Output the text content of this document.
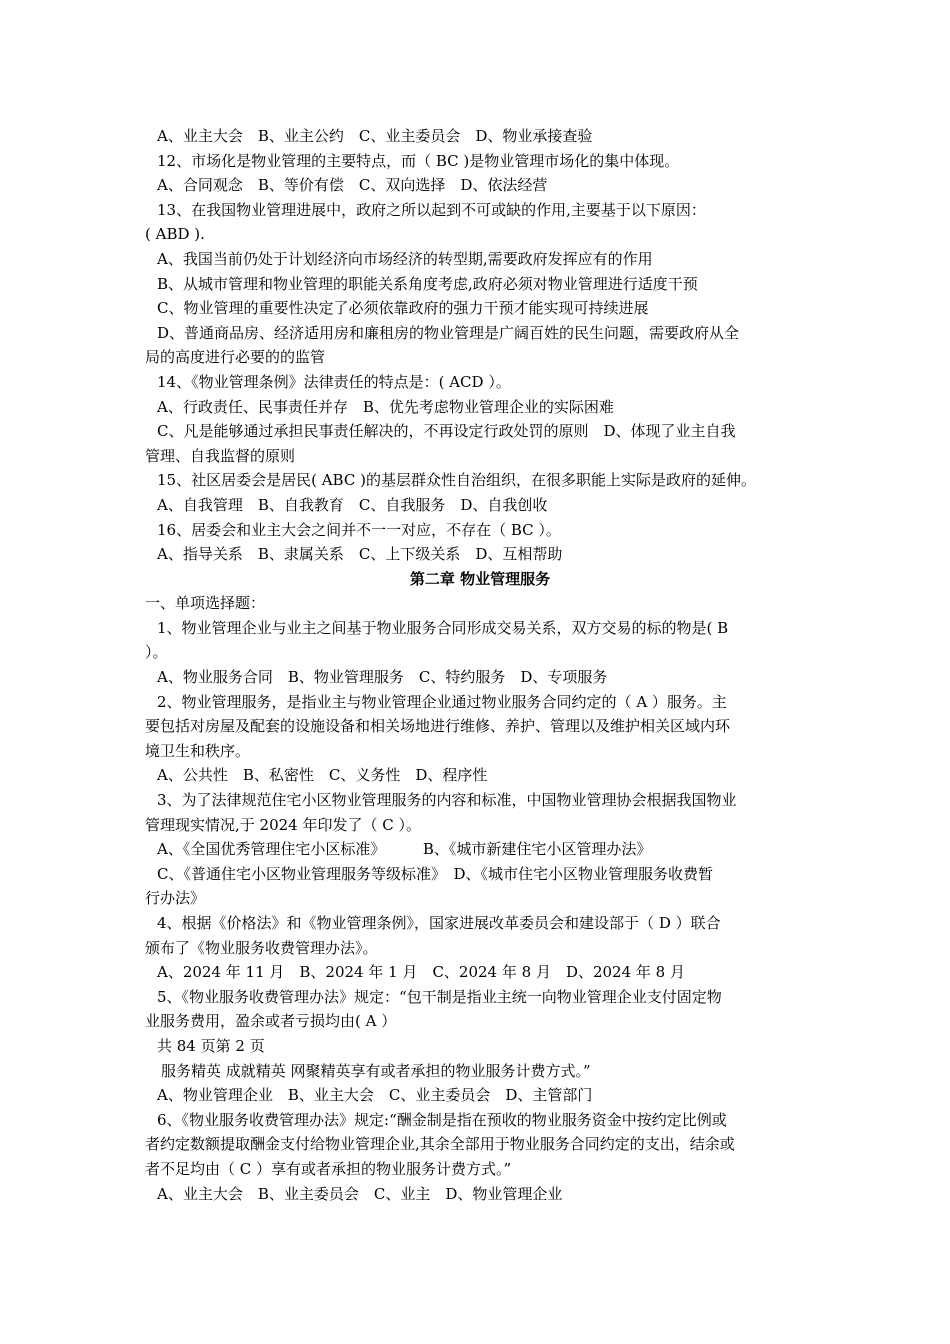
A、业主大会　B、业主公约　C、业主委员会　D、物业承接查验
12、市场化是物业管理的主要特点，而（ BC )是物业管理市场化的集中体现。
A、合同观念　B、等价有偿　C、双向选择　D、依法经营
13、在我国物业管理进展中，政府之所以起到不可或缺的作用,主要基于以下原因：
( ABD ).
A、我国当前仍处于计划经济向市场经济的转型期,需要政府发挥应有的作用
B、从城市管理和物业管理的职能关系角度考虑,政府必须对物业管理进行适度干预
C、物业管理的重要性决定了必须依靠政府的强力干预才能实现可持续进展
D、普通商品房、经济适用房和廉租房的物业管理是广阔百姓的民生问题，需要政府从全
局的高度进行必要的的监管
14、《物业管理条例》法律责任的特点是：( ACD ）。
A、行政责任、民事责任并存　B、优先考虑物业管理企业的实际困难
C、凡是能够通过承担民事责任解决的，不再设定行政处罚的原则　D、体现了业主自我
管理、自我监督的原则
15、社区居委会是居民( ABC )的基层群众性自治组织，在很多职能上实际是政府的延伸。
A、自我管理　B、自我教育　C、自我服务　D、自我创收
16、居委会和业主大会之间并不一一对应，不存在（ BC ）。
A、指导关系　B、隶属关系　C、上下级关系　D、互相帮助
第二章 物业管理服务
一、单项选择题：
1、物业管理企业与业主之间基于物业服务合同形成交易关系，双方交易的标的物是( B
）。
A、物业服务合同　B、物业管理服务　C、特约服务　D、专项服务
2、物业管理服务，是指业主与物业管理企业通过物业服务合同约定的（ A ）服务。主
要包括对房屋及配套的设施设备和相关场地进行维修、养护、管理以及维护相关区域内环
境卫生和秩序。
A、公共性　B、私密性　C、义务性　D、程序性
3、为了法律规范住宅小区物业管理服务的内容和标准，中国物业管理协会根据我国物业
管理现实情况,于 2024 年印发了（ C ）。
A、《全国优秀管理住宅小区标准》　　　B、《城市新建住宅小区管理办法》
C、《普通住宅小区物业管理服务等级标准》　D、《城市住宅小区物业管理服务收费暂
行办法》
4、根据《价格法》和《物业管理条例》，国家进展改革委员会和建设部于（ D ）联合
颁布了《物业服务收费管理办法》。
A、2024 年 11 月　B、2024 年 1 月　C、2024 年 8 月　D、2024 年 8 月
5、《物业服务收费管理办法》规定：“包干制是指业主统一向物业管理企业支付固定物
业服务费用，盈余或者亏损均由( A ）
共 84 页第 2 页
服务精英 成就精英 网聚精英享有或者承担的物业服务计费方式。”
A、物业管理企业　B、业主大会　C、业主委员会　D、主管部门
6、《物业服务收费管理办法》规定:“酬金制是指在预收的物业服务资金中按约定比例或
者约定数额提取酬金支付给物业管理企业,其余全部用于物业服务合同约定的支出，结余或
者不足均由（ C ）享有或者承担的物业服务计费方式。”
A、业主大会　B、业主委员会　C、业主　D、物业管理企业
